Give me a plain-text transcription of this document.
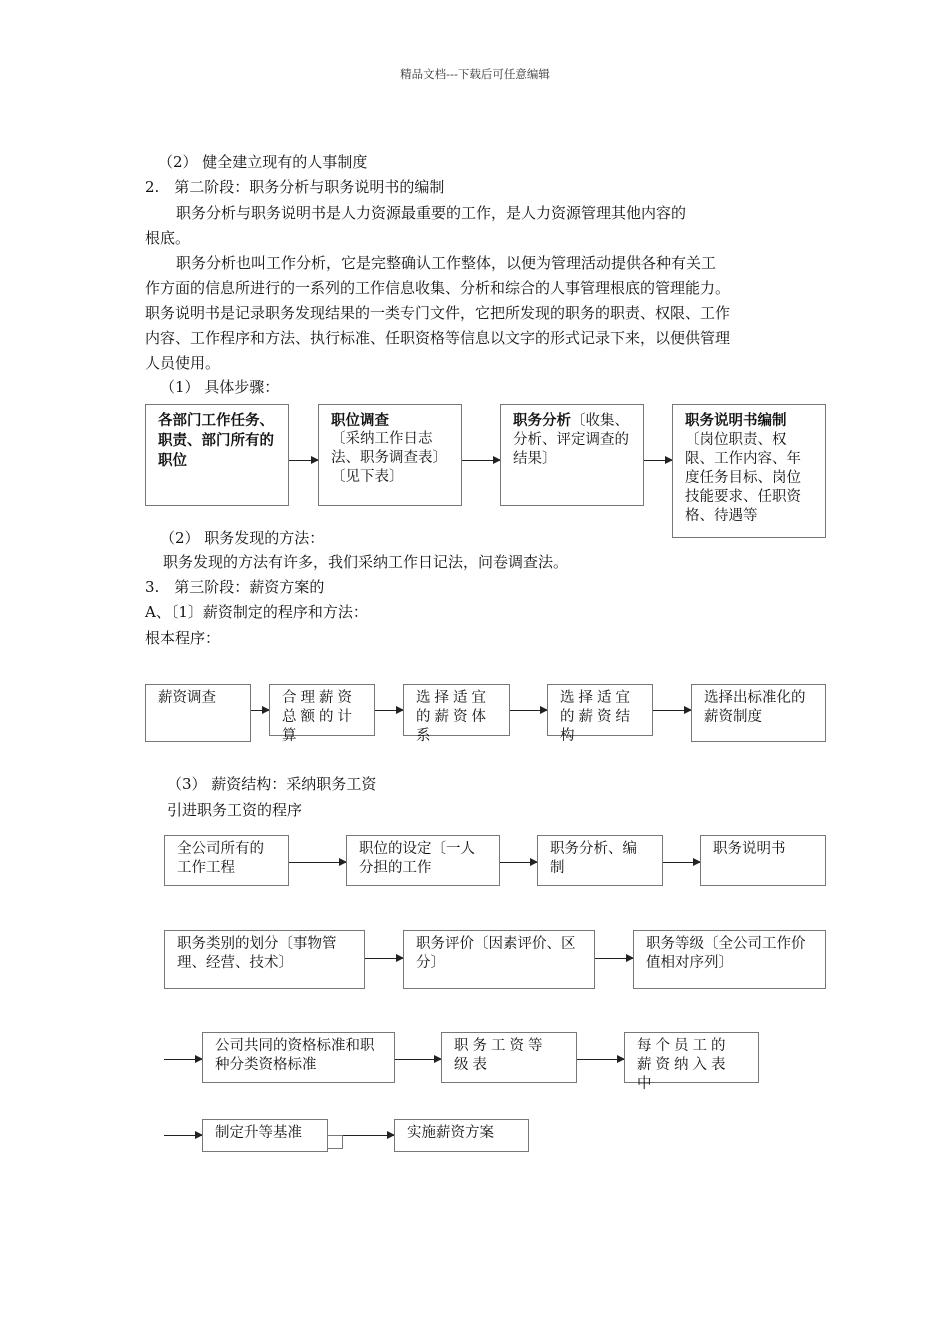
精品文档---下载后可任意编辑
（2） 健全建立现有的人事制度
2.　第二阶段：职务分析与职务说明书的编制
职务分析与职务说明书是人力资源最重要的工作，是人力资源管理其他内容的
根底。
职务分析也叫工作分析，它是完整确认工作整体，以便为管理活动提供各种有关工
作方面的信息所进行的一系列的工作信息收集、分析和综合的人事管理根底的管理能力。
职务说明书是记录职务发现结果的一类专门文件，它把所发现的职务的职责、权限、工作
内容、工作程序和方法、执行标准、任职资格等信息以文字的形式记录下来，以便供管理
人员使用。
（1） 具体步骤：
各部门工作任务、职责、部门所有的职位
职位调查
〔采纳工作日志法、职务调查表〕〔见下表〕
职务分析〔收集、分析、评定调查的结果〕
职务说明书编制〔岗位职责、权限、工作内容、年度任务目标、岗位技能要求、任职资格、待遇等
（2） 职务发现的方法：
职务发现的方法有许多，我们采纳工作日记法，问卷调查法。
3.　第三阶段：薪资方案的
A、〔1〕薪资制定的程序和方法：
根本程序：
薪资调查	合理薪资总额的计算
选择适宜的薪资体系
选择适宜的薪资结构
选择出标准化的薪资制度
（3） 薪资结构：采纳职务工资
引进职务工资的程序
全公司所有的工作工程
职位的设定〔一人分担的工作
职务分析、编制
职务说明书
职务类别的划分〔事物管理、经营、技术〕
职务评价〔因素评价、区分〕
职务等级〔全公司工作价值相对序列〕
公司共同的资格标准和职种分类资格标准
职务工资等级表
每个员工的薪资纳入表中
制定升等基准	实施薪资方案
